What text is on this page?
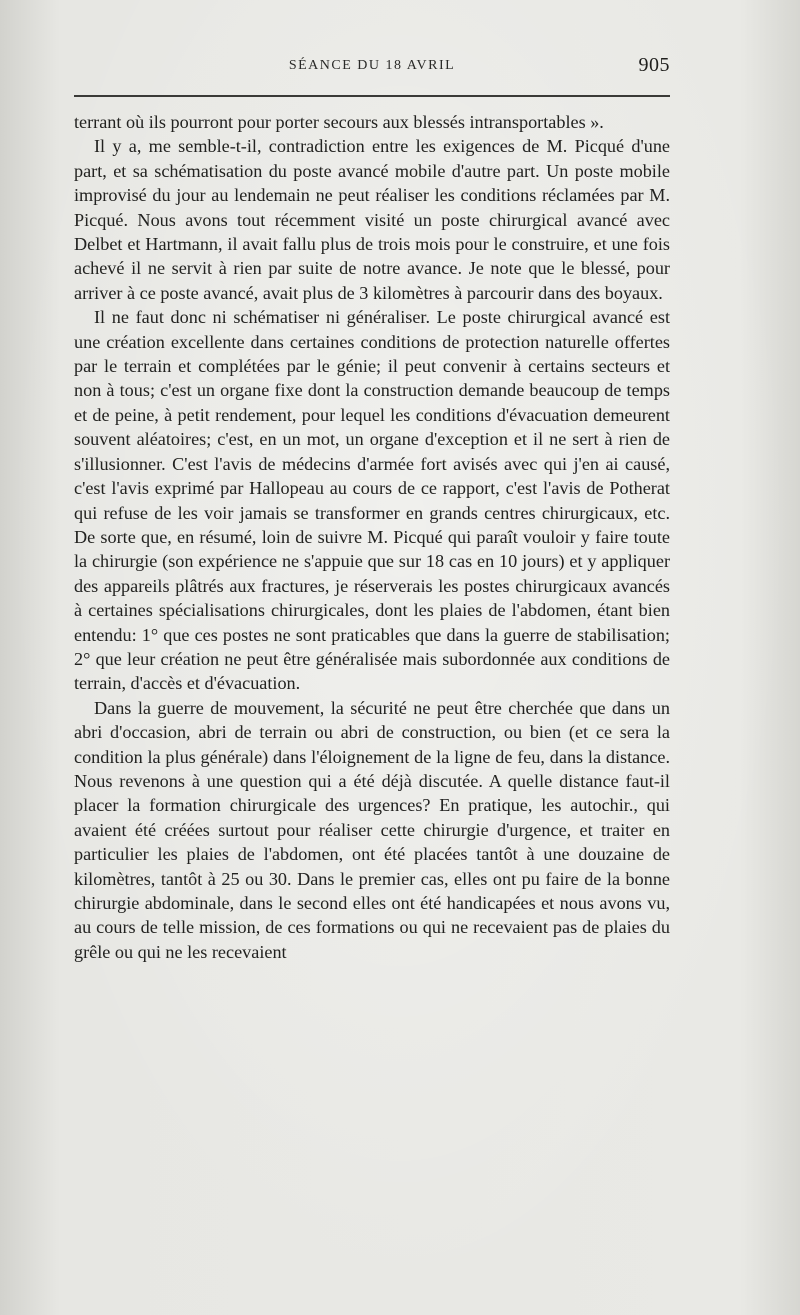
SÉANCE DU 18 AVRIL	905

terrant où ils pourront pour porter secours aux blessés intransportables ».

Il y a, me semble-t-il, contradiction entre les exigences de M. Picqué d'une part, et sa schématisation du poste avancé mobile d'autre part. Un poste mobile improvisé du jour au lendemain ne peut réaliser les conditions réclamées par M. Picqué. Nous avons tout récemment visité un poste chirurgical avancé avec Delbet et Hartmann, il avait fallu plus de trois mois pour le construire, et une fois achevé il ne servit à rien par suite de notre avance. Je note que le blessé, pour arriver à ce poste avancé, avait plus de 3 kilomètres à parcourir dans des boyaux.

Il ne faut donc ni schématiser ni généraliser. Le poste chirurgical avancé est une création excellente dans certaines conditions de protection naturelle offertes par le terrain et complétées par le génie; il peut convenir à certains secteurs et non à tous; c'est un organe fixe dont la construction demande beaucoup de temps et de peine, à petit rendement, pour lequel les conditions d'évacuation demeurent souvent aléatoires; c'est, en un mot, un organe d'exception et il ne sert à rien de s'illusionner. C'est l'avis de médecins d'armée fort avisés avec qui j'en ai causé, c'est l'avis exprimé par Hallopeau au cours de ce rapport, c'est l'avis de Potherat qui refuse de les voir jamais se transformer en grands centres chirurgicaux, etc. De sorte que, en résumé, loin de suivre M. Picqué qui paraît vouloir y faire toute la chirurgie (son expérience ne s'appuie que sur 18 cas en 10 jours) et y appliquer des appareils plâtrés aux fractures, je réserverais les postes chirurgicaux avancés à certaines spécialisations chirurgicales, dont les plaies de l'abdomen, étant bien entendu: 1° que ces postes ne sont praticables que dans la guerre de stabilisation; 2° que leur création ne peut être généralisée mais subordonnée aux conditions de terrain, d'accès et d'évacuation.

Dans la guerre de mouvement, la sécurité ne peut être cherchée que dans un abri d'occasion, abri de terrain ou abri de construction, ou bien (et ce sera la condition la plus générale) dans l'éloignement de la ligne de feu, dans la distance. Nous revenons à une question qui a été déjà discutée. A quelle distance faut-il placer la formation chirurgicale des urgences? En pratique, les autochir., qui avaient été créées surtout pour réaliser cette chirurgie d'urgence, et traiter en particulier les plaies de l'abdomen, ont été placées tantôt à une douzaine de kilomètres, tantôt à 25 ou 30. Dans le premier cas, elles ont pu faire de la bonne chirurgie abdominale, dans le second elles ont été handicapées et nous avons vu, au cours de telle mission, de ces formations ou qui ne recevaient pas de plaies du grêle ou qui ne les recevaient
